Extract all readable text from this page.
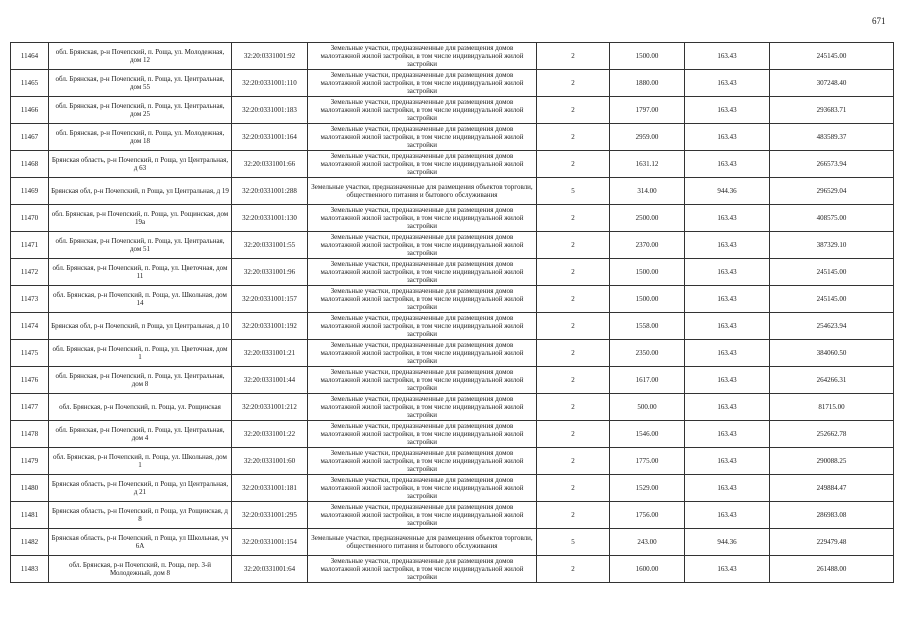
671
11464	обл. Брянская, р-н Почепский, п. Роща, ул. Молодежная, дом 12	32:20:0331001:92	Земельные участки, предназначенные для размещения домов малоэтажной жилой застройки, в том числе индивидуальной жилой застройки	2	1500.00	163.43	245145.00
11465	обл. Брянская, р-н Почепский, п. Роща, ул. Центральная, дом 55	32:20:0331001:110	Земельные участки, предназначенные для размещения домов малоэтажной жилой застройки, в том числе индивидуальной жилой застройки	2	1880.00	163.43	307248.40
11466	обл. Брянская, р-н Почепский, п. Роща, ул. Центральная, дом 25	32:20:0331001:183	Земельные участки, предназначенные для размещения домов малоэтажной жилой застройки, в том числе индивидуальной жилой застройки	2	1797.00	163.43	293683.71
11467	обл. Брянская, р-н Почепский, п. Роща, ул. Молодежная, дом 18	32:20:0331001:164	Земельные участки, предназначенные для размещения домов малоэтажной жилой застройки, в том числе индивидуальной жилой застройки	2	2959.00	163.43	483589.37
11468	Брянская область, р-н Почепский, п Роща, ул Центральная, д 63	32:20:0331001:66	Земельные участки, предназначенные для размещения домов малоэтажной жилой застройки, в том числе индивидуальной жилой застройки	2	1631.12	163.43	266573.94
11469	Брянская обл, р-н Почепский, п Роща, ул Центральная, д 19	32:20:0331001:288	Земельные участки, предназначенные для размещения объектов торговли, общественного питания и бытового обслуживания	5	314.00	944.36	296529.04
11470	обл. Брянская, р-н Почепский, п. Роща, ул. Рощинская, дом 19а	32:20:0331001:130	Земельные участки, предназначенные для размещения домов малоэтажной жилой застройки, в том числе индивидуальной жилой застройки	2	2500.00	163.43	408575.00
11471	обл. Брянская, р-н Почепский, п. Роща, ул. Центральная, дом 51	32:20:0331001:55	Земельные участки, предназначенные для размещения домов малоэтажной жилой застройки, в том числе индивидуальной жилой застройки	2	2370.00	163.43	387329.10
11472	обл. Брянская, р-н Почепский, п. Роща, ул. Цветочная, дом 11	32:20:0331001:96	Земельные участки, предназначенные для размещения домов малоэтажной жилой застройки, в том числе индивидуальной жилой застройки	2	1500.00	163.43	245145.00
11473	обл. Брянская, р-н Почепский, п. Роща, ул. Школьная, дом 14	32:20:0331001:157	Земельные участки, предназначенные для размещения домов малоэтажной жилой застройки, в том числе индивидуальной жилой застройки	2	1500.00	163.43	245145.00
11474	Брянская обл, р-н Почепский, п Роща, ул Центральная, д 10	32:20:0331001:192	Земельные участки, предназначенные для размещения домов малоэтажной жилой застройки, в том числе индивидуальной жилой застройки	2	1558.00	163.43	254623.94
11475	обл. Брянская, р-н Почепский, п. Роща, ул. Цветочная, дом 1	32:20:0331001:21	Земельные участки, предназначенные для размещения домов малоэтажной жилой застройки, в том числе индивидуальной жилой застройки	2	2350.00	163.43	384060.50
11476	обл. Брянская, р-н Почепский, п. Роща, ул. Центральная, дом 8	32:20:0331001:44	Земельные участки, предназначенные для размещения домов малоэтажной жилой застройки, в том числе индивидуальной жилой застройки	2	1617.00	163.43	264266.31
11477	обл. Брянская, р-н Почепский, п. Роща, ул. Рощинская	32:20:0331001:212	Земельные участки, предназначенные для размещения домов малоэтажной жилой застройки, в том числе индивидуальной жилой застройки	2	500.00	163.43	81715.00
11478	обл. Брянская, р-н Почепский, п. Роща, ул. Центральная, дом 4	32:20:0331001:22	Земельные участки, предназначенные для размещения домов малоэтажной жилой застройки, в том числе индивидуальной жилой застройки	2	1546.00	163.43	252662.78
11479	обл. Брянская, р-н Почепский, п. Роща, ул. Школьная, дом 1	32:20:0331001:60	Земельные участки, предназначенные для размещения домов малоэтажной жилой застройки, в том числе индивидуальной жилой застройки	2	1775.00	163.43	290088.25
11480	Брянская область, р-н Почепский, п Роща, ул Центральная, д 21	32:20:0331001:181	Земельные участки, предназначенные для размещения домов малоэтажной жилой застройки, в том числе индивидуальной жилой застройки	2	1529.00	163.43	249884.47
11481	Брянская область, р-н Почепский, п Роща, ул Рощинская, д 8	32:20:0331001:295	Земельные участки, предназначенные для размещения домов малоэтажной жилой застройки, в том числе индивидуальной жилой застройки	2	1756.00	163.43	286983.08
11482	Брянская область, р-н Почепский, п Роща, ул Школьная, уч 6А	32:20:0331001:154	Земельные участки, предназначенные для размещения объектов торговли, общественного питания и бытового обслуживания	5	243.00	944.36	229479.48
11483	обл. Брянская, р-н Почепский, п. Роща, пер. 3-й Молодежный, дом 8	32:20:0331001:64	Земельные участки, предназначенные для размещения домов малоэтажной жилой застройки, в том числе индивидуальной жилой застройки	2	1600.00	163.43	261488.00
